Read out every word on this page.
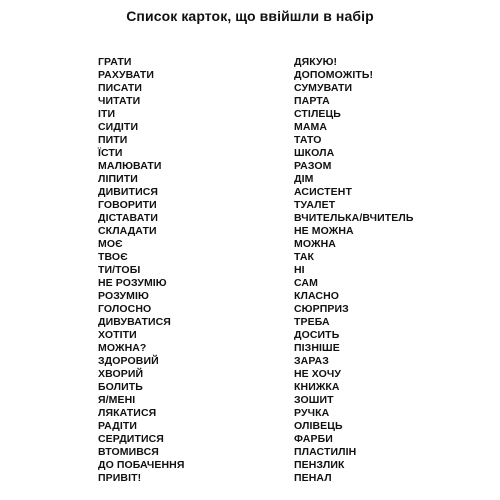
Список карток, що ввійшли в набір
ГРАТИ
РАХУВАТИ
ПИСАТИ
ЧИТАТИ
ІТИ
СИДІТИ
ПИТИ
ЇСТИ
МАЛЮВАТИ
ЛІПИТИ
ДИВИТИСЯ
ГОВОРИТИ
ДІСТАВАТИ
СКЛАДАТИ
МОЄ
ТВОЄ
ТИ/ТОБІ
НЕ РОЗУМІЮ
РОЗУМІЮ
ГОЛОСНО
ДИВУВАТИСЯ
ХОТІТИ
МОЖНА?
ЗДОРОВИЙ
ХВОРИЙ
БОЛИТЬ
Я/МЕНІ
ЛЯКАТИСЯ
РАДІТИ
СЕРДИТИСЯ
ВТОМИВСЯ
ДО ПОБАЧЕННЯ
ПРИВІТ!
ДЯКУЮ!
ДОПОМОЖІТЬ!
СУМУВАТИ
ПАРТА
СТІЛЕЦЬ
МАМА
ТАТО
ШКОЛА
РАЗОМ
ДІМ
АСИСТЕНТ
ТУАЛЕТ
ВЧИТЕЛЬКА/ВЧИТЕЛЬ
НЕ МОЖНА
МОЖНА
ТАК
НІ
САМ
КЛАСНО
СЮРПРИЗ
ТРЕБА
ДОСИТЬ
ПІЗНІШЕ
ЗАРАЗ
НЕ ХОЧУ
КНИЖКА
ЗОШИТ
РУЧКА
ОЛІВЕЦЬ
ФАРБИ
ПЛАСТИЛІН
ПЕНЗЛИК
ПЕНАЛ
